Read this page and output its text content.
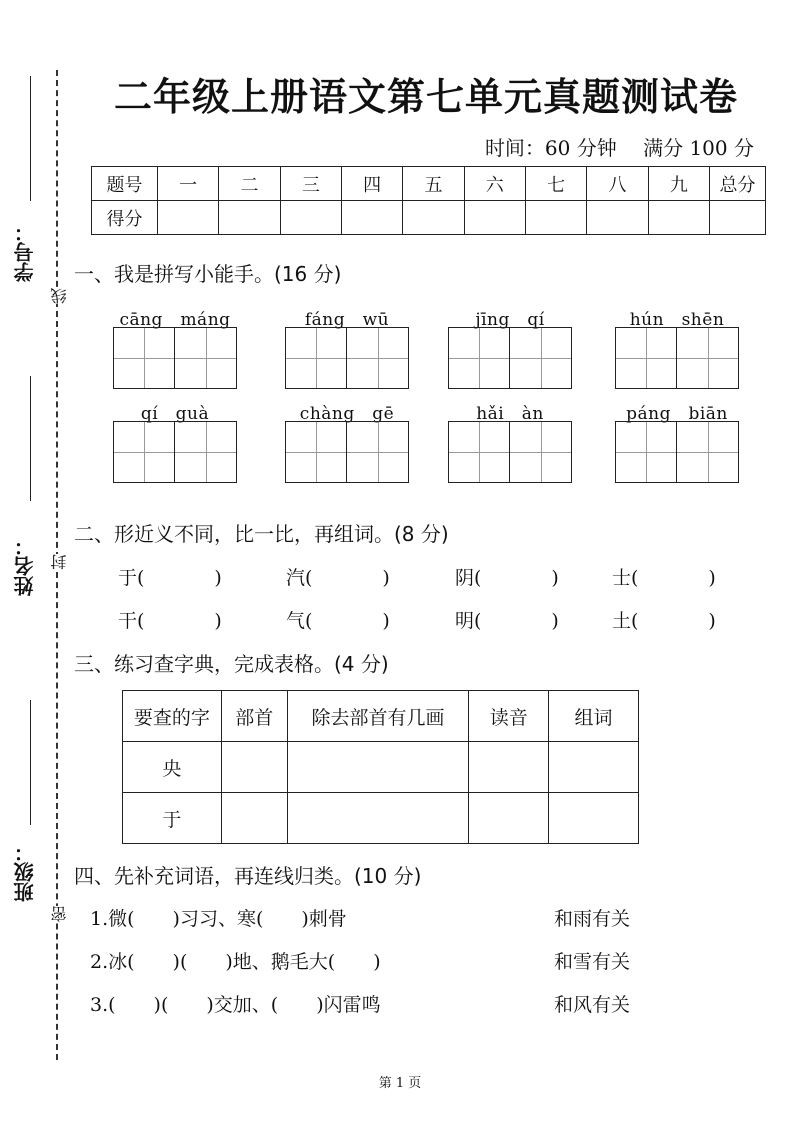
学号：
姓名：
班级：
线
封
密
二年级上册语文第七单元真题测试卷
时间：60 分钟　 满分 100 分
题号	一	二	三	四	五	六	七	八	九	总分
得分										
一、我是拼写小能手。(16 分)
cāng　máng	fáng　wū	jīng　qí	hún　shēn
qí　guà	chàng　gē	hǎi　àn	páng　biān
二、形近义不同，比一比，再组词。(8 分)
于(	)	汽(	)	阴(	)	士(	)
干(	)	气(	)	明(	)	土(	)
三、练习查字典，完成表格。(4 分)
要查的字	部首	除去部首有几画	读音	组词
央				
于				
四、先补充词语，再连线归类。(10 分)
1.微(　　)习习、寒(　　)刺骨
2.冰(　　)(　　)地、鹅毛大(　　)
3.(　　)(　　)交加、(　　)闪雷鸣
和雨有关
和雪有关
和风有关
第 1 页
